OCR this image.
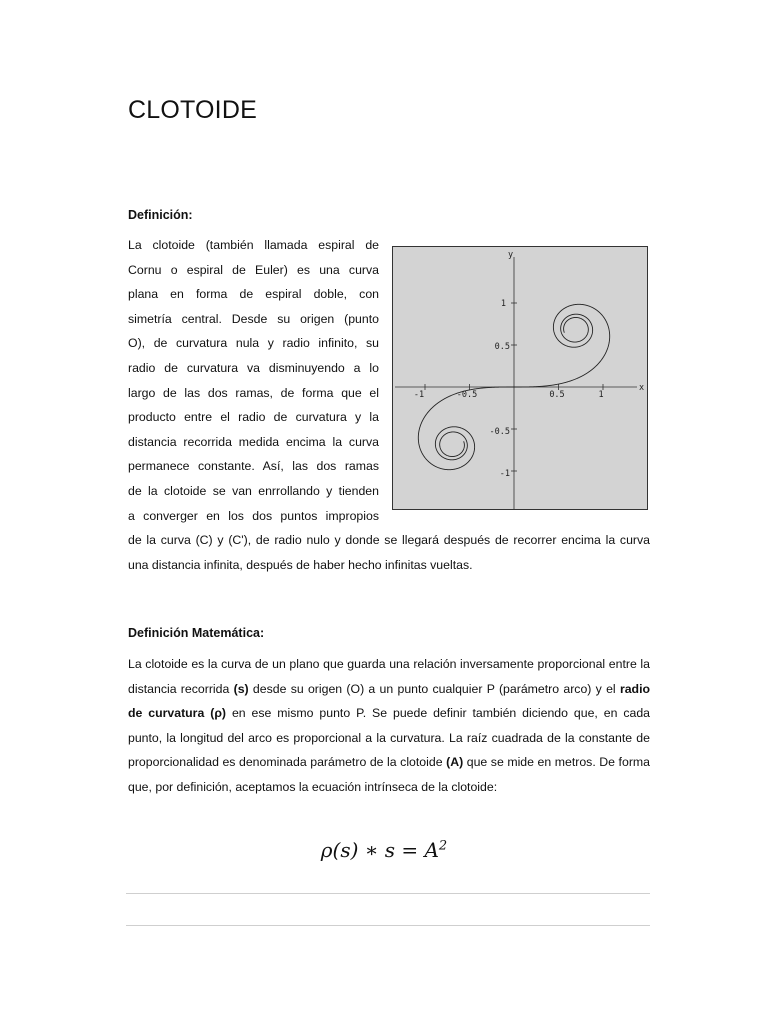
CLOTOIDE
Definición:
La clotoide (también llamada espiral de
Cornu o espiral de Euler) es una curva
plana en forma de espiral doble, con
simetría central. Desde su origen (punto
O), de curvatura nula y radio infinito, su
radio de curvatura va disminuyendo a lo
largo de las dos ramas, de forma que el
producto entre el radio de curvatura y la
distancia recorrida medida encima la curva
permanece constante. Así, las dos ramas
de la clotoide se van enrrollando y tienden
a converger en los dos puntos impropios
de la curva (C) y (C'), de radio nulo y donde se llegará después de recorrer encima la curva
una distancia infinita, después de haber hecho infinitas vueltas.
x
y
-1	-0.5	0.5	1
1
0.5
-0.5
-1
Definición Matemática:

La clotoide es la curva de un plano que guarda una relación inversamente proporcional entre la distancia recorrida (s) desde su origen (O) a un punto cualquier P (parámetro arco) y el radio de curvatura (ρ) en ese mismo punto P. Se puede definir también diciendo que, en cada punto, la longitud del arco es proporcional a la curvatura. La raíz cuadrada de la constante de proporcionalidad es denominada parámetro de la clotoide (A) que se mide en metros. De forma que, por definición, aceptamos la ecuación intrínseca de la clotoide:

ρ(s) ∗ $s = A^2$
